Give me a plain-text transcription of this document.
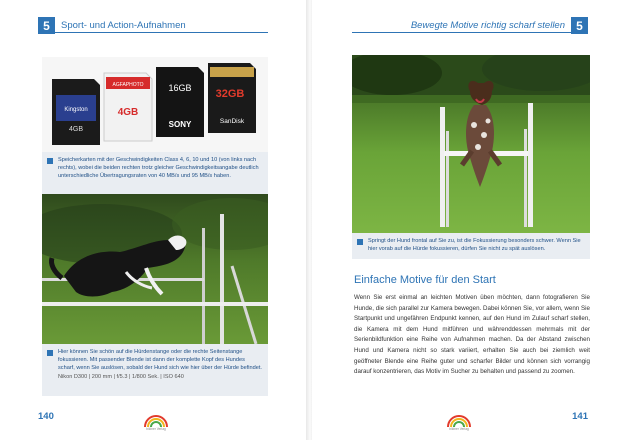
5	Sport- und Action-Aufnahmen
Kingston
4GB
AGFAPHOTO
4GB
16GB
SONY
32GB
SanDisk
Speicherkarten mit der Geschwindigkeiten Class 4, 6, 10 und 10 (von links nach rechts), wobei die beiden rechten trotz gleicher Geschwindigkeitsangabe deutlich unterschiedliche Übertragungsraten von 40 MB/s und 95 MB/s haben.
Hier können Sie schön auf die Hürdenstange oder die rechte Seitenstange fokussieren. Mit passender Blende ist dann der komplette Kopf des Hundes scharf, wenn Sie auslösen, sobald der Hund sich wie hier über der Hürde befindet.
Nikon D300 | 200 mm | f/5.3 | 1/800 Sek. | ISO 640
140
bildner Verlag
Bewegte Motive richtig scharf stellen 5
Springt der Hund frontal auf Sie zu, ist die Fokussierung besonders schwer. Wenn Sie hier vorab auf die Hürde fokussieren, dürfen Sie nicht zu spät auslösen.
Einfache Motive für den Start
Wenn Sie erst einmal an leichten Motiven üben möchten, dann fotografieren Sie Hunde, die sich parallel zur Kamera bewegen. Dabei können Sie, vor allem, wenn Sie Startpunkt und ungefähren Endpunkt kennen, auf den Hund im Zulauf scharf stellen, die Kamera mit dem Hund mitführen und währenddessen mehrmals mit der Serienbildfunktion eine Reihe von Aufnahmen machen. Da der Abstand zwischen Hund und Kamera nicht so stark variiert, erhalten Sie auch bei ziemlich weit geöffneter Blende eine Reihe guter und scharfer Bilder und können sich vorrangig darauf konzentrieren, das Motiv im Sucher zu behalten und passend zu zoomen.
141
bildner Verlag
